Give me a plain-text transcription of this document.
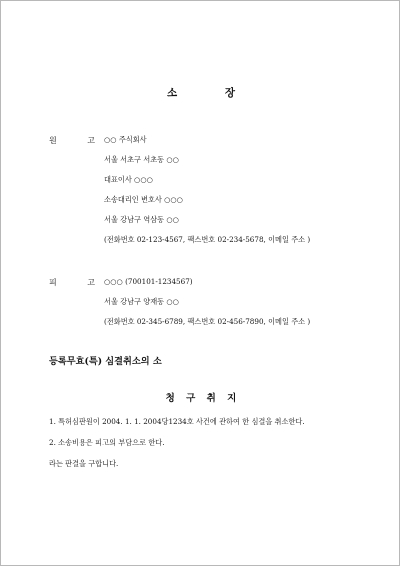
소 장
원 고
○○ 주식회사
서울 서초구 서초동 ○○
대표이사 ○○○
소송대리인 변호사 ○○○
서울 강남구 역삼동 ○○
(전화번호 02-123-4567, 팩스번호 02-234-5678, 이메일 주소 )
피 고
○○○ (700101-1234567)
서울 강남구 양재동 ○○
(전화번호 02-345-6789, 팩스번호 02-456-7890, 이메일 주소 )
등록무효(특) 심결취소의 소
청 구 취 지
1. 특허심판원이 2004. 1. 1. 2004당1234호 사건에 관하여 한 심결을 취소한다.
2. 소송비용은 피고의 부담으로 한다.
라는 판결을 구합니다.
